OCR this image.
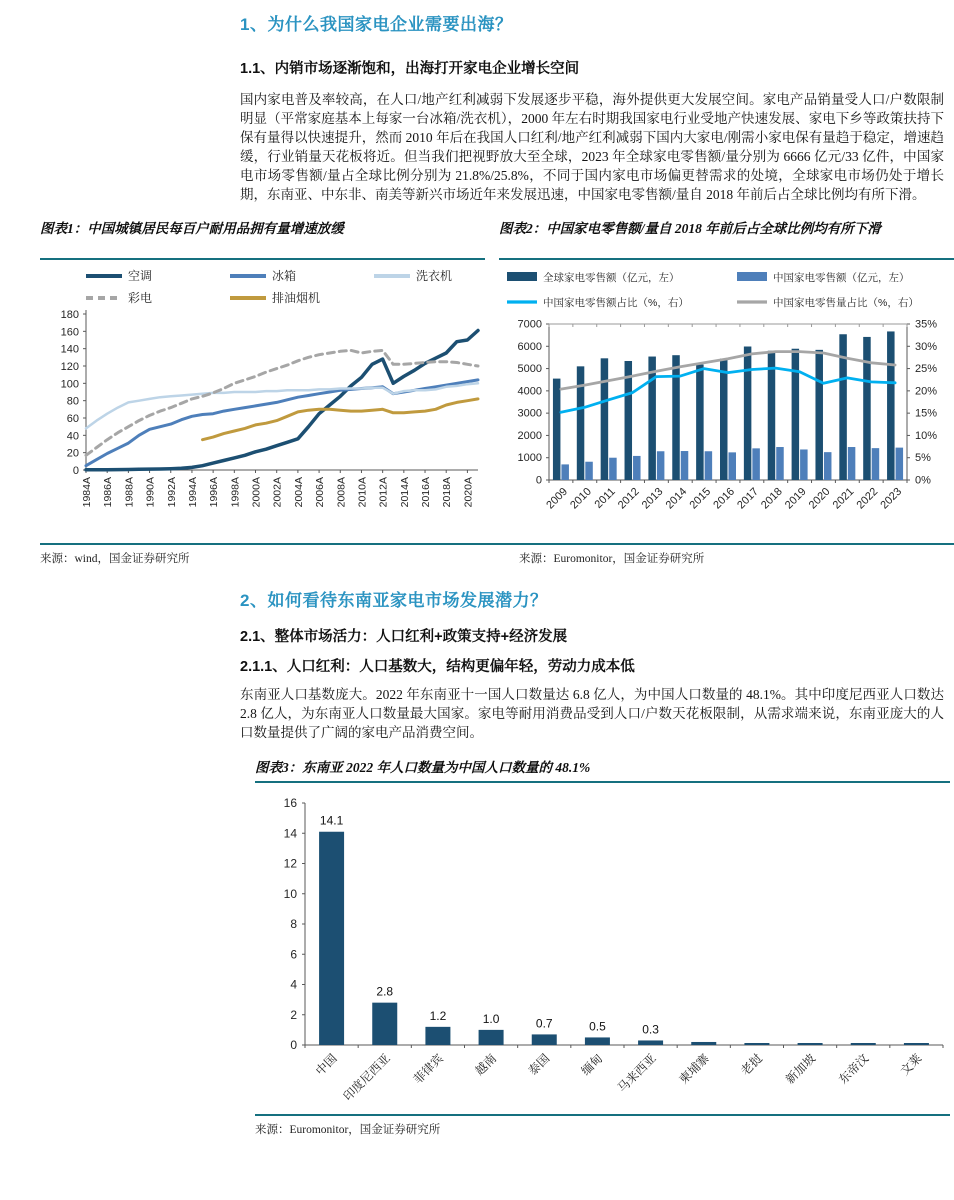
1、为什么我国家电企业需要出海？
1.1、内销市场逐渐饱和，出海打开家电企业增长空间

国内家电普及率较高，在人口/地产红利减弱下发展逐步平稳，海外提供更大发展空间。家电产品销量受人口/户数限制明显（平常家庭基本上每家一台冰箱/洗衣机），2000 年左右时期我国家电行业受地产快速发展、家电下乡等政策扶持下保有量得以快速提升，然而 2010 年后在我国人口红利/地产红利减弱下国内大家电/刚需小家电保有量趋于稳定，增速趋缓，行业销量天花板将近。但当我们把视野放大至全球，2023 年全球家电零售额/量分别为 6666 亿元/33 亿件，中国家电市场零售额/量占全球比例分别为 21.8%/25.8%，不同于国内家电市场偏更替需求的处境，全球家电市场仍处于增长期，东南亚、中东非、南美等新兴市场近年来发展迅速，中国家电零售额/量自 2018 年前后占全球比例均有所下滑。

图表1：中国城镇居民每百户耐用品拥有量增速放缓
空调	冰箱	洗衣机
彩电	排油烟机
0
20
40
60
80
100
120
140
160
180
1984A 1986A 1988A 1990A 1992A 1994A 1996A 1998A 2000A 2002A 2004A 2006A 2008A 2010A 2012A 2014A 2016A 2018A 2020A
图表2：中国家电零售额/量自 2018 年前后占全球比例均有所下滑
全球家电零售额（亿元，左）	中国家电零售额（亿元，左）
中国家电零售额占比（%，右）	中国家电零售量占比（%，右）
0
1000
2000
3000
4000
5000
6000
7000
0%
5%
10%
15%
20%
25%
30%
35%
2009
2010
2011
2012
2013
2014
2015
2016
2017
2018
2019
2020
2021
2022
2023
来源：wind，国金证券研究所	来源：Euromonitor，国金证券研究所
2、如何看待东南亚家电市场发展潜力？
2.1、整体市场活力：人口红利+政策支持+经济发展
2.1.1、人口红利：人口基数大，结构更偏年轻，劳动力成本低

东南亚人口基数庞大。2022 年东南亚十一国人口数量达 6.8 亿人，为中国人口数量的 48.1%。其中印度尼西亚人口数达 2.8 亿人，为东南亚人口数量最大国家。家电等耐用消费品受到人口/户数天花板限制，从需求端来说，东南亚庞大的人口数量提供了广阔的家电产品消费空间。

图表3：东南亚 2022 年人口数量为中国人口数量的 48.1%
0
2
4
6
8
10
12
14
16
14.1
中国
2.8
印度尼西亚
1.2
菲律宾
1.0
越南
0.7
泰国
0.5
缅甸
0.3
马来西亚 柬埔寨 老挝 新加坡 东帝汶 文莱
来源：Euromonitor，国金证券研究所
